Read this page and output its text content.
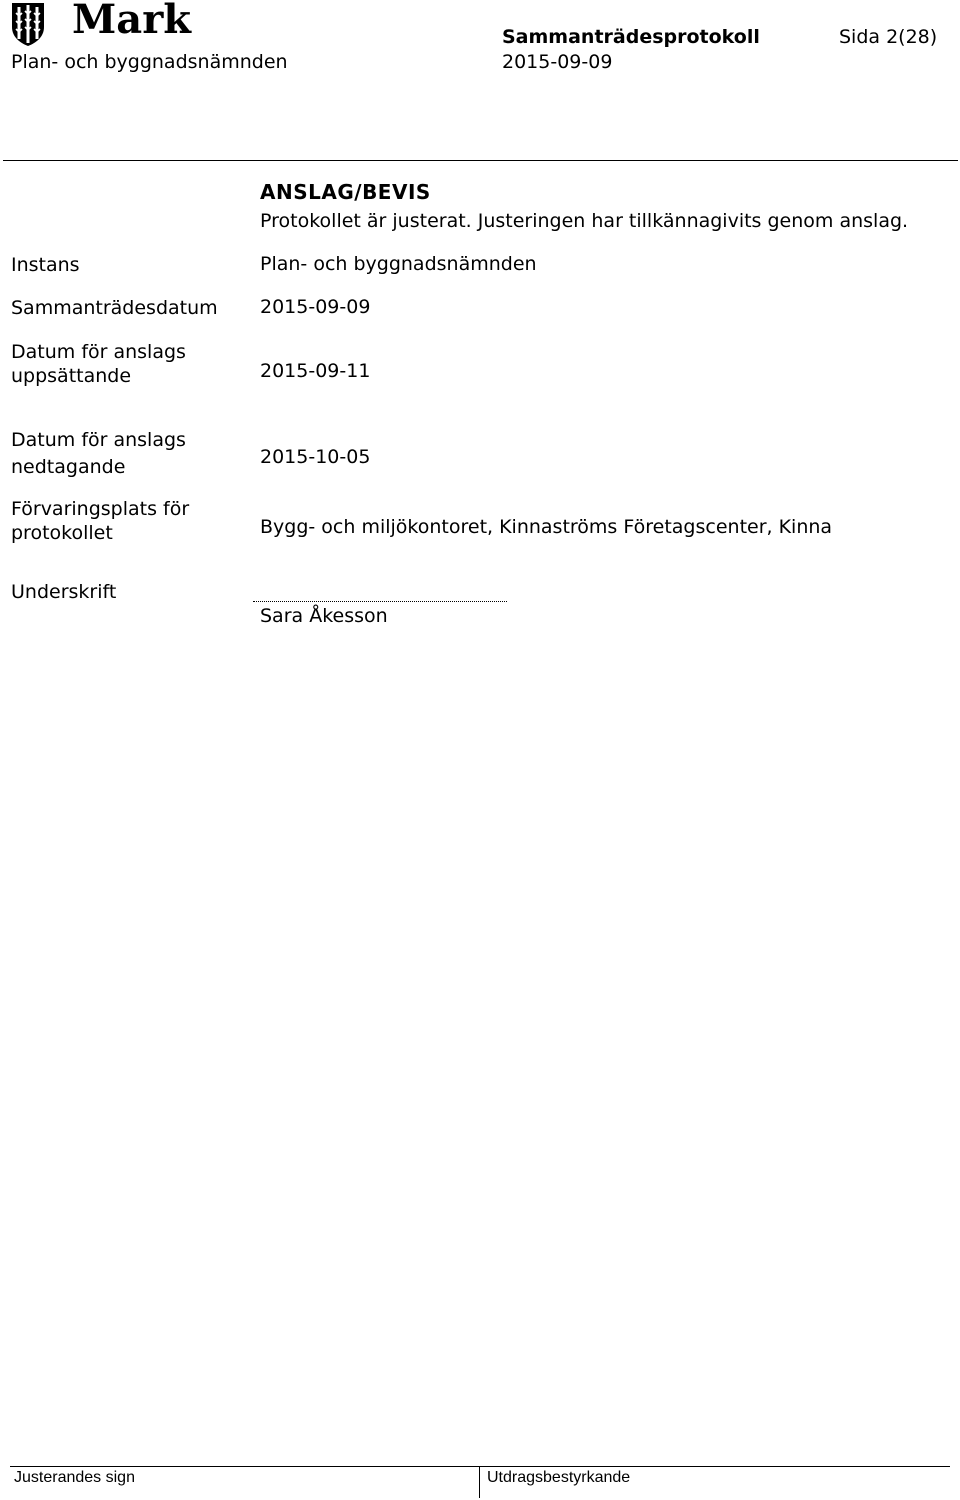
Mark
Plan- och byggnadsnämnden
Sammanträdesprotokoll	Sida 2(28)
2015-09-09
ANSLAG/BEVIS
Protokollet är justerat. Justeringen har tillkännagivits genom anslag.
Instans	Plan- och byggnadsnämnden
Sammanträdesdatum	2015-09-09
Datum för anslags uppsättande	2015-09-11
Datum för anslags nedtagande	2015-10-05
Förvaringsplats för protokollet	Bygg- och miljökontoret, Kinnaströms Företagscenter, Kinna
Underskrift
Sara Åkesson
Justerandes sign	Utdragsbestyrkande
